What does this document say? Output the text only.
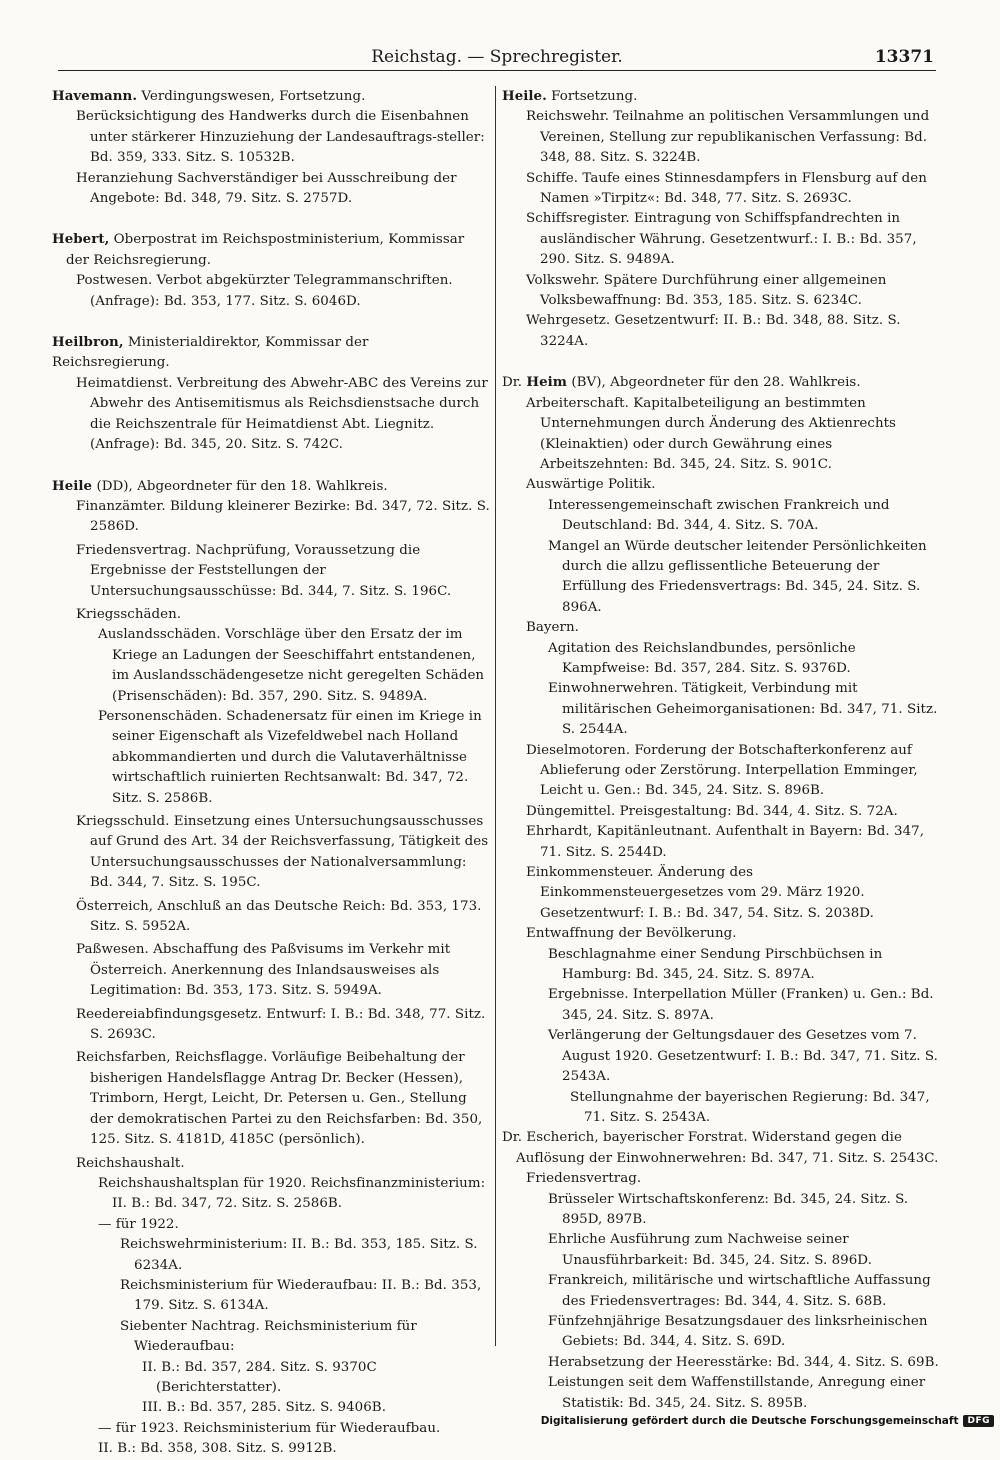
Reichstag. — Sprechregister.	13371

Havemann. Verdingungswesen, Fortsetzung.

Berücksichtigung des Handwerks durch die Eisenbahnen unter stärkerer Hinzuziehung der Landesauftrags-steller: Bd. 359, 333. Sitz. S. 10532B.

Heranziehung Sachverständiger bei Ausschreibung der Angebote: Bd. 348, 79. Sitz. S. 2757D.

Hebert, Oberpostrat im Reichspostministerium, Kommissar der Reichsregierung.

Postwesen. Verbot abgekürzter Telegrammanschriften. (Anfrage): Bd. 353, 177. Sitz. S. 6046D.

Heilbron, Ministerialdirektor, Kommissar der Reichsregierung.

Heimatdienst. Verbreitung des Abwehr-ABC des Vereins zur Abwehr des Antisemitismus als Reichsdienstsache durch die Reichszentrale für Heimatdienst Abt. Liegnitz. (Anfrage): Bd. 345, 20. Sitz. S. 742C.

Heile (DD), Abgeordneter für den 18. Wahlkreis.

Finanzämter. Bildung kleinerer Bezirke: Bd. 347, 72. Sitz. S. 2586D.

Friedensvertrag. Nachprüfung, Voraussetzung die Ergebnisse der Feststellungen der Untersuchungsausschüsse: Bd. 344, 7. Sitz. S. 196C.

Kriegsschäden.

Auslandsschäden. Vorschläge über den Ersatz der im Kriege an Ladungen der Seeschiffahrt entstandenen, im Auslandsschädengesetze nicht geregelten Schäden (Prisenschäden): Bd. 357, 290. Sitz. S. 9489A.

Personenschäden. Schadenersatz für einen im Kriege in seiner Eigenschaft als Vizefeldwebel nach Holland abkommandierten und durch die Valutaverhältnisse wirtschaftlich ruinierten Rechtsanwalt: Bd. 347, 72. Sitz. S. 2586B.

Kriegsschuld. Einsetzung eines Untersuchungsausschusses auf Grund des Art. 34 der Reichsverfassung, Tätigkeit des Untersuchungsausschusses der Nationalversammlung: Bd. 344, 7. Sitz. S. 195C.

Österreich, Anschluß an das Deutsche Reich: Bd. 353, 173. Sitz. S. 5952A.

Paßwesen. Abschaffung des Paßvisums im Verkehr mit Österreich. Anerkennung des Inlandsausweises als Legitimation: Bd. 353, 173. Sitz. S. 5949A.

Reedereiabfindungsgesetz. Entwurf: I. B.: Bd. 348, 77. Sitz. S. 2693C.

Reichsfarben, Reichsflagge. Vorläufige Beibehaltung der bisherigen Handelsflagge Antrag Dr. Becker (Hessen), Trimborn, Hergt, Leicht, Dr. Petersen u. Gen., Stellung der demokratischen Partei zu den Reichsfarben: Bd. 350, 125. Sitz. S. 4181D, 4185C (persönlich).

Reichshaushalt.

Reichshaushaltsplan für 1920. Reichsfinanzministerium: II. B.: Bd. 347, 72. Sitz. S. 2586B.

— für 1922.

Reichswehrministerium: II. B.: Bd. 353, 185. Sitz. S. 6234A.

Reichsministerium für Wiederaufbau: II. B.: Bd. 353, 179. Sitz. S. 6134A.

Siebenter Nachtrag. Reichsministerium für Wiederaufbau:

II. B.: Bd. 357, 284. Sitz. S. 9370C (Berichterstatter).

III. B.: Bd. 357, 285. Sitz. S. 9406B.

— für 1923. Reichsministerium für Wiederaufbau.

II. B.: Bd. 358, 308. Sitz. S. 9912B.

Heile. Fortsetzung.

Reichswehr. Teilnahme an politischen Versammlungen und Vereinen, Stellung zur republikanischen Verfassung: Bd. 348, 88. Sitz. S. 3224B.

Schiffe. Taufe eines Stinnesdampfers in Flensburg auf den Namen »Tirpitz«: Bd. 348, 77. Sitz. S. 2693C.

Schiffsregister. Eintragung von Schiffspfandrechten in ausländischer Währung. Gesetzentwurf.: I. B.: Bd. 357, 290. Sitz. S. 9489A.

Volkswehr. Spätere Durchführung einer allgemeinen Volksbewaffnung: Bd. 353, 185. Sitz. S. 6234C.

Wehrgesetz. Gesetzentwurf: II. B.: Bd. 348, 88. Sitz. S. 3224A.

Dr. Heim (BV), Abgeordneter für den 28. Wahlkreis.

Arbeiterschaft. Kapitalbeteiligung an bestimmten Unternehmungen durch Änderung des Aktienrechts (Kleinaktien) oder durch Gewährung eines Arbeitszehnten: Bd. 345, 24. Sitz. S. 901C.

Auswärtige Politik.

Interessengemeinschaft zwischen Frankreich und Deutschland: Bd. 344, 4. Sitz. S. 70A.

Mangel an Würde deutscher leitender Persönlichkeiten durch die allzu geflissentliche Beteuerung der Erfüllung des Friedensvertrags: Bd. 345, 24. Sitz. S. 896A.

Bayern.

Agitation des Reichslandbundes, persönliche Kampfweise: Bd. 357, 284. Sitz. S. 9376D.

Einwohnerwehren. Tätigkeit, Verbindung mit militärischen Geheimorganisationen: Bd. 347, 71. Sitz. S. 2544A.

Dieselmotoren. Forderung der Botschafterkonferenz auf Ablieferung oder Zerstörung. Interpellation Emminger, Leicht u. Gen.: Bd. 345, 24. Sitz. S. 896B.

Düngemittel. Preisgestaltung: Bd. 344, 4. Sitz. S. 72A.

Ehrhardt, Kapitänleutnant. Aufenthalt in Bayern: Bd. 347, 71. Sitz. S. 2544D.

Einkommensteuer. Änderung des Einkommensteuergesetzes vom 29. März 1920. Gesetzentwurf: I. B.: Bd. 347, 54. Sitz. S. 2038D.

Entwaffnung der Bevölkerung.

Beschlagnahme einer Sendung Pirschbüchsen in Hamburg: Bd. 345, 24. Sitz. S. 897A.

Ergebnisse. Interpellation Müller (Franken) u. Gen.: Bd. 345, 24. Sitz. S. 897A.

Verlängerung der Geltungsdauer des Gesetzes vom 7. August 1920. Gesetzentwurf: I. B.: Bd. 347, 71. Sitz. S. 2543A.

Stellungnahme der bayerischen Regierung: Bd. 347, 71. Sitz. S. 2543A.

Dr. Escherich, bayerischer Forstrat. Widerstand gegen die Auflösung der Einwohnerwehren: Bd. 347, 71. Sitz. S. 2543C.

Friedensvertrag.

Brüsseler Wirtschaftskonferenz: Bd. 345, 24. Sitz. S. 895D, 897B.

Ehrliche Ausführung zum Nachweise seiner Unausführbarkeit: Bd. 345, 24. Sitz. S. 896D.

Frankreich, militärische und wirtschaftliche Auffassung des Friedensvertrages: Bd. 344, 4. Sitz. S. 68B.

Fünfzehnjährige Besatzungsdauer des linksrheinischen Gebiets: Bd. 344, 4. Sitz. S. 69D.

Herabsetzung der Heeresstärke: Bd. 344, 4. Sitz. S. 69B.

Leistungen seit dem Waffenstillstande, Anregung einer Statistik: Bd. 345, 24. Sitz. S. 895B.

Digitalisierung gefördert durch die Deutsche Forschungsgemeinschaft	DFG
